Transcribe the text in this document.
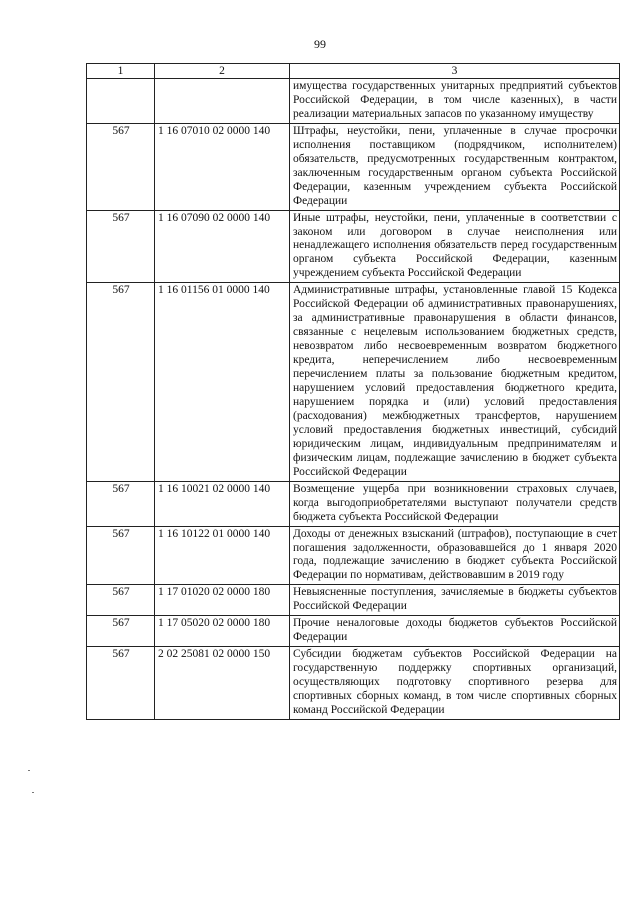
99
1	2	3
		имущества государственных унитарных предприятий субъектов Российской Федерации, в том числе казенных), в части реализации материальных запасов по указанному имуществу
567	1 16 07010 02 0000 140	Штрафы, неустойки, пени, уплаченные в случае просрочки исполнения поставщиком (подрядчиком, исполнителем) обязательств, предусмотренных государственным контрактом, заключенным государственным органом субъекта Российской Федерации, казенным учреждением субъекта Российской Федерации
567	1 16 07090 02 0000 140	Иные штрафы, неустойки, пени, уплаченные в соответствии с законом или договором в случае неисполнения или ненадлежащего исполнения обязательств перед государственным органом субъекта Российской Федерации, казенным учреждением субъекта Российской Федерации
567	1 16 01156 01 0000 140	Административные штрафы, установленные главой 15 Кодекса Российской Федерации об административных правонарушениях, за административные правонарушения в области финансов, связанные с нецелевым использованием бюджетных средств, невозвратом либо несвоевременным возвратом бюджетного кредита, неперечислением либо несвоевременным перечислением платы за пользование бюджетным кредитом, нарушением условий предоставления бюджетного кредита, нарушением порядка и (или) условий предоставления (расходования) межбюджетных трансфертов, нарушением условий предоставления бюджетных инвестиций, субсидий юридическим лицам, индивидуальным предпринимателям и физическим лицам, подлежащие зачислению в бюджет субъекта Российской Федерации
567	1 16 10021 02 0000 140	Возмещение ущерба при возникновении страховых случаев, когда выгодоприобретателями выступают получатели средств бюджета субъекта Российской Федерации
567	1 16 10122 01 0000 140	Доходы от денежных взысканий (штрафов), поступающие в счет погашения задолженности, образовавшейся до 1 января 2020 года, подлежащие зачислению в бюджет субъекта Российской Федерации по нормативам, действовавшим в 2019 году
567	1 17 01020 02 0000 180	Невыясненные поступления, зачисляемые в бюджеты субъектов Российской Федерации
567	1 17 05020 02 0000 180	Прочие неналоговые доходы бюджетов субъектов Российской Федерации
567	2 02 25081 02 0000 150	Субсидии бюджетам субъектов Российской Федерации на государственную поддержку спортивных организаций, осуществляющих подготовку спортивного резерва для спортивных сборных команд, в том числе спортивных сборных команд Российской Федерации
